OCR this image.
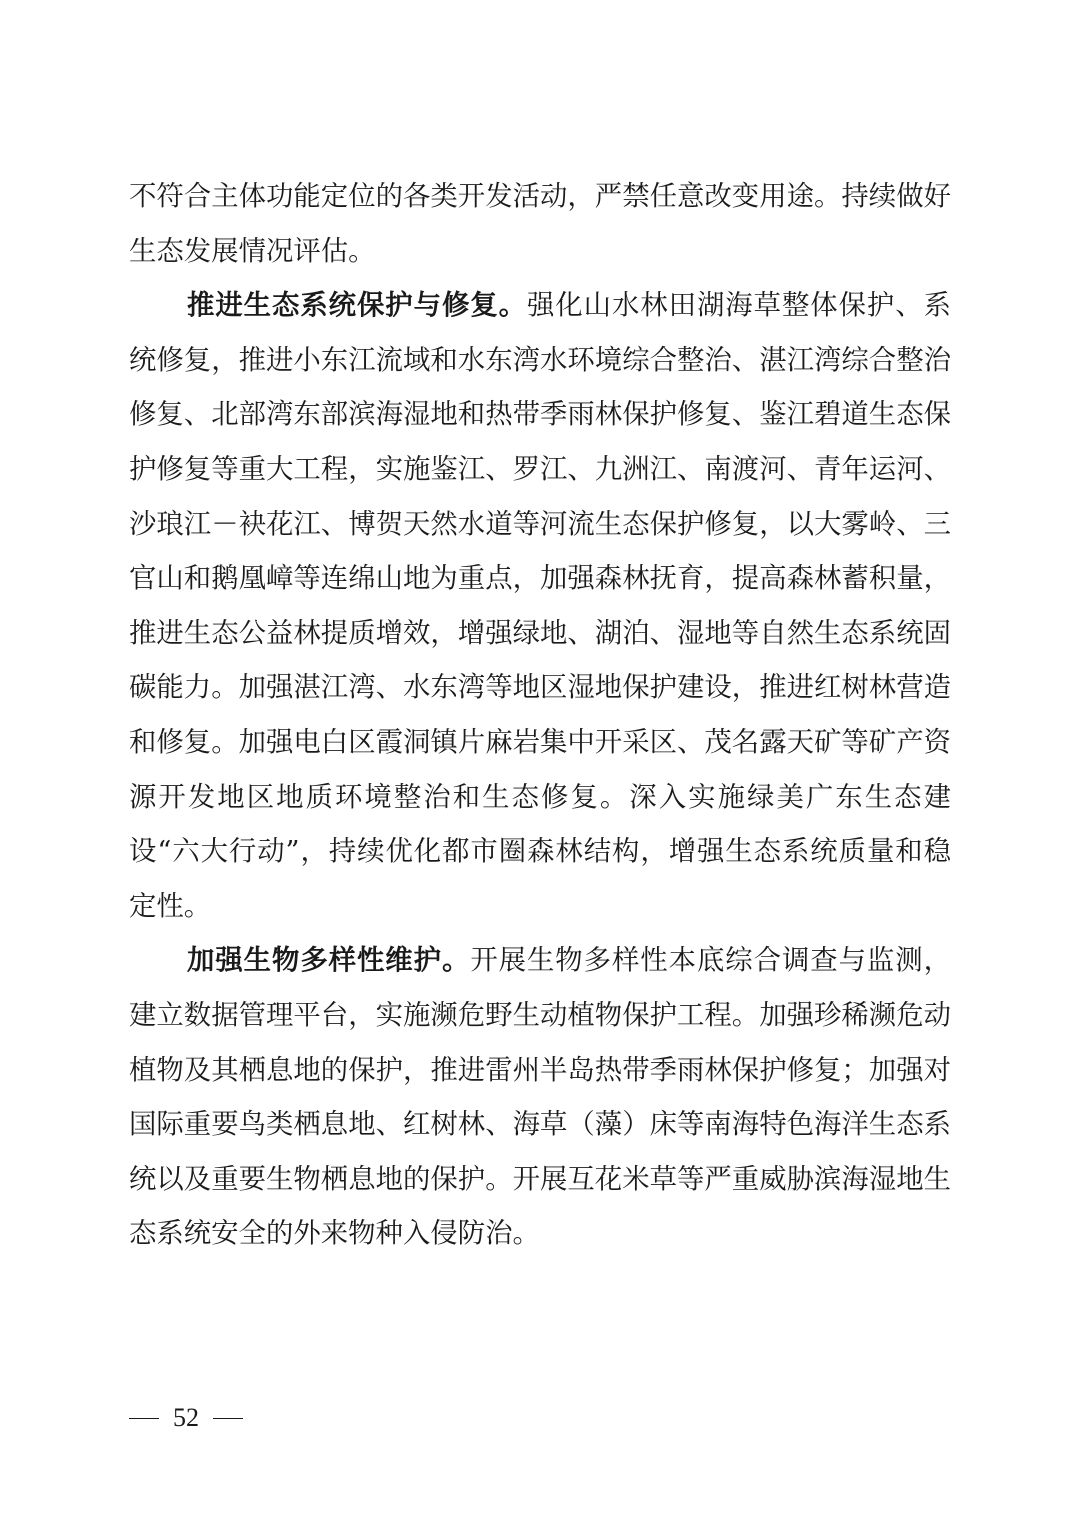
不符合主体功能定位的各类开发活动，严禁任意改变用途。持续做好生态发展情况评估。

推进生态系统保护与修复。强化山水林田湖海草整体保护、系统修复，推进小东江流域和水东湾水环境综合整治、湛江湾综合整治修复、北部湾东部滨海湿地和热带季雨林保护修复、鉴江碧道生态保护修复等重大工程，实施鉴江、罗江、九洲江、南渡河、青年运河、沙琅江－袂花江、博贺天然水道等河流生态保护修复，以大雾岭、三官山和鹅凰嶂等连绵山地为重点，加强森林抚育，提高森林蓄积量，推进生态公益林提质增效，增强绿地、湖泊、湿地等自然生态系统固碳能力。加强湛江湾、水东湾等地区湿地保护建设，推进红树林营造和修复。加强电白区霞洞镇片麻岩集中开采区、茂名露天矿等矿产资源开发地区地质环境整治和生态修复。深入实施绿美广东生态建设“六大行动”，持续优化都市圈森林结构，增强生态系统质量和稳定性。

加强生物多样性维护。开展生物多样性本底综合调查与监测，建立数据管理平台，实施濒危野生动植物保护工程。加强珍稀濒危动植物及其栖息地的保护，推进雷州半岛热带季雨林保护修复；加强对国际重要鸟类栖息地、红树林、海草（藻）床等南海特色海洋生态系统以及重要生物栖息地的保护。开展互花米草等严重威胁滨海湿地生态系统安全的外来物种入侵防治。

52
